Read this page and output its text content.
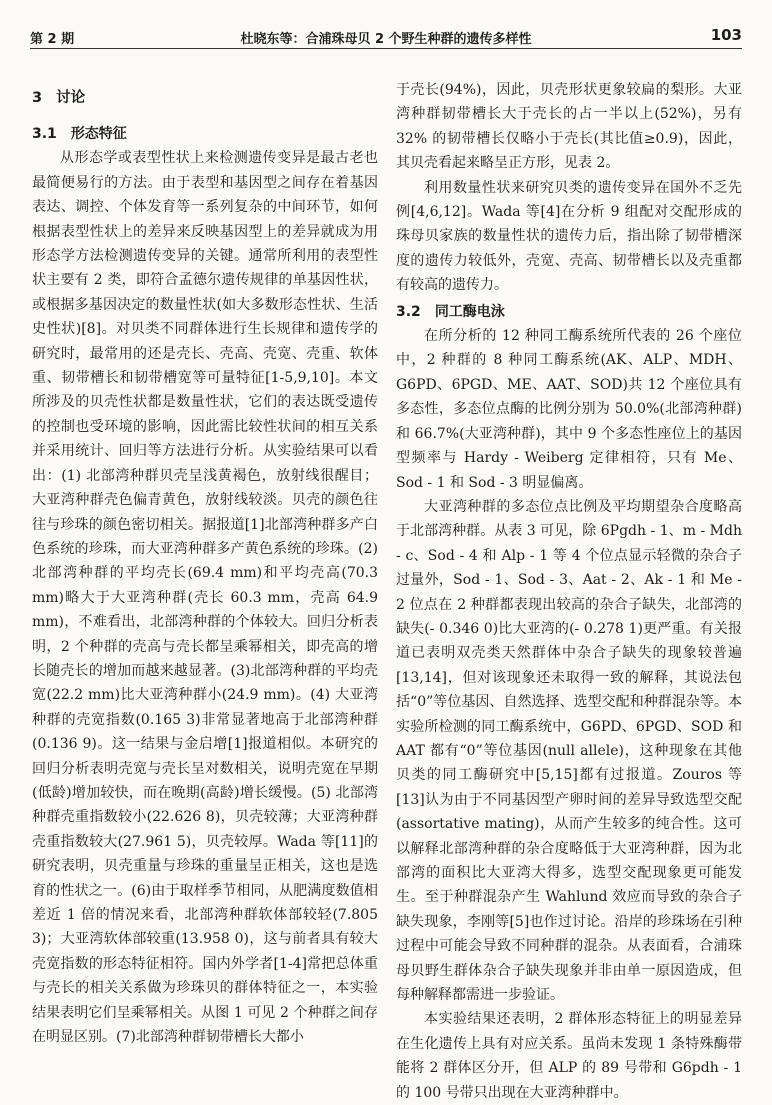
第 2 期	杜晓东等：合浦珠母贝 2 个野生种群的遗传多样性	103
3 讨论
3.1 形态特征

从形态学或表型性状上来检测遗传变异是最古老也最简便易行的方法。由于表型和基因型之间存在着基因表达、调控、个体发育等一系列复杂的中间环节，如何根据表型性状上的差异来反映基因型上的差异就成为用形态学方法检测遗传变异的关键。通常所利用的表型性状主要有 2 类，即符合孟德尔遗传规律的单基因性状，或根据多基因决定的数量性状(如大多数形态性状、生活史性状)[8]。对贝类不同群体进行生长规律和遗传学的研究时，最常用的还是壳长、壳高、壳宽、壳重、软体重、韧带槽长和韧带槽宽等可量特征[1-5,9,10]。本文所涉及的贝壳性状都是数量性状，它们的表达既受遗传的控制也受环境的影响，因此需比较性状间的相互关系并采用统计、回归等方法进行分析。从实验结果可以看出：(1) 北部湾种群贝壳呈浅黄褐色，放射线很醒目；大亚湾种群壳色偏青黄色，放射线较淡。贝壳的颜色往往与珍珠的颜色密切相关。据报道[1]北部湾种群多产白色系统的珍珠，而大亚湾种群多产黄色系统的珍珠。(2) 北部湾种群的平均壳长(69.4 mm)和平均壳高(70.3 mm)略大于大亚湾种群(壳长 60.3 mm，壳高 64.9 mm)，不难看出，北部湾种群的个体较大。回归分析表明，2 个种群的壳高与壳长都呈乘幂相关，即壳高的增长随壳长的增加而越来越显著。(3)北部湾种群的平均壳宽(22.2 mm)比大亚湾种群小(24.9 mm)。(4) 大亚湾种群的壳宽指数(0.165 3)非常显著地高于北部湾种群(0.136 9)。这一结果与金启增[1]报道相似。本研究的回归分析表明壳宽与壳长呈对数相关，说明壳宽在早期(低龄)增加较快，而在晚期(高龄)增长缓慢。(5) 北部湾种群壳重指数较小(22.626 8)，贝壳较薄；大亚湾种群壳重指数较大(27.961 5)，贝壳较厚。Wada 等[11]的研究表明，贝壳重量与珍珠的重量呈正相关，这也是选育的性状之一。(6)由于取样季节相同，从肥满度数值相差近 1 倍的情况来看，北部湾种群软体部较轻(7.805 3)；大亚湾软体部较重(13.958 0)，这与前者具有较大壳宽指数的形态特征相符。国内外学者[1-4]常把总体重与壳长的相关关系做为珍珠贝的群体特征之一，本实验结果表明它们呈乘幂相关。从图 1 可见 2 个种群之间存在明显区别。(7)北部湾种群韧带槽长大都小

于壳长(94%)，因此，贝壳形状更象较扁的梨形。大亚湾种群韧带槽长大于壳长的占一半以上(52%)，另有 32% 的韧带槽长仅略小于壳长(其比值≥0.9)，因此，其贝壳看起来略呈正方形，见表 2。

利用数量性状来研究贝类的遗传变异在国外不乏先例[4,6,12]。Wada 等[4]在分析 9 组配对交配形成的珠母贝家族的数量性状的遗传力后，指出除了韧带槽深度的遗传力较低外，壳宽、壳高、韧带槽长以及壳重都有较高的遗传力。

3.2 同工酶电泳

在所分析的 12 种同工酶系统所代表的 26 个座位中，2 种群的 8 种同工酶系统(AK、ALP、MDH、G6PD、6PGD、ME、AAT、SOD)共 12 个座位具有多态性，多态位点酶的比例分别为 50.0%(北部湾种群)和 66.7%(大亚湾种群)，其中 9 个多态性座位上的基因型频率与 Hardy - Weiberg 定律相符，只有 Me、Sod - 1 和 Sod - 3 明显偏离。

大亚湾种群的多态位点比例及平均期望杂合度略高于北部湾种群。从表 3 可见，除 6Pgdh - 1、m - Mdh - c、Sod - 4 和 Alp - 1 等 4 个位点显示轻微的杂合子过量外，Sod - 1、Sod - 3、Aat - 2、Ak - 1 和 Me - 2 位点在 2 种群都表现出较高的杂合子缺失，北部湾的缺失(- 0.346 0)比大亚湾的(- 0.278 1)更严重。有关报道已表明双壳类天然群体中杂合子缺失的现象较普遍[13,14]，但对该现象还未取得一致的解释，其说法包括“0”等位基因、自然选择、选型交配和种群混杂等。本实验所检测的同工酶系统中，G6PD、6PGD、SOD 和 AAT 都有“0”等位基因(null allele)，这种现象在其他贝类的同工酶研究中[5,15]都有过报道。Zouros 等[13]认为由于不同基因型产卵时间的差异导致选型交配(assortative mating)，从而产生较多的纯合性。这可以解释北部湾种群的杂合度略低于大亚湾种群，因为北部湾的面积比大亚湾大得多，选型交配现象更可能发生。至于种群混杂产生 Wahlund 效应而导致的杂合子缺失现象，李刚等[5]也作过讨论。沿岸的珍珠场在引种过程中可能会导致不同种群的混杂。从表面看，合浦珠母贝野生群体杂合子缺失现象并非由单一原因造成，但每种解释都需进一步验证。

本实验结果还表明，2 群体形态特征上的明显差异在生化遗传上具有对应关系。虽尚未发现 1 条特殊酶带能将 2 群体区分开，但 ALP 的 89 号带和 G6pdh - 1 的 100 号带只出现在大亚湾种群中。
